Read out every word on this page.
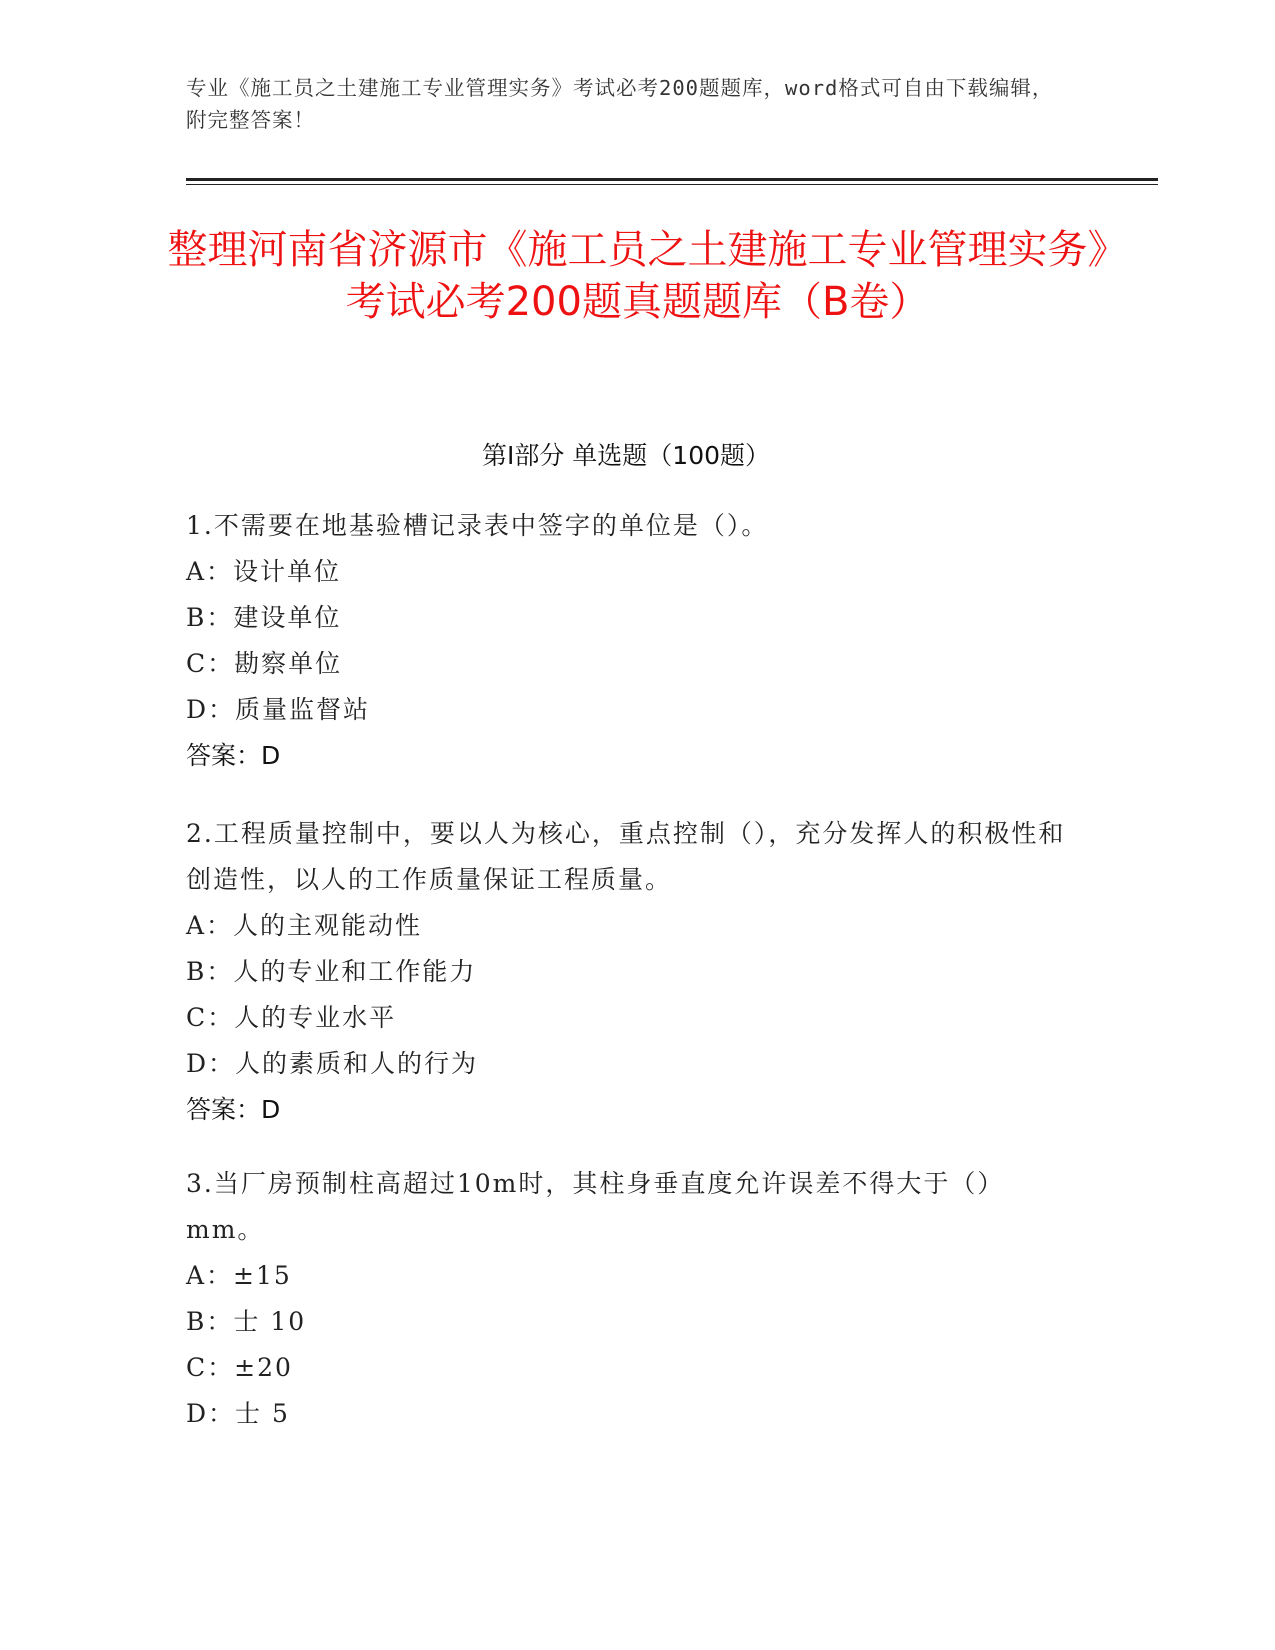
专业《施工员之土建施工专业管理实务》考试必考200题题库，word格式可自由下载编辑，附完整答案！
整理河南省济源市《施工员之土建施工专业管理实务》考试必考200题真题题库（B卷）
第Ⅰ部分 单选题（100题）

1.不需要在地基验槽记录表中签字的单位是（）。

A：设计单位
B：建设单位
C：勘察单位
D：质量监督站
答案：D

2.工程质量控制中，要以人为核心，重点控制（），充分发挥人的积极性和创造性，以人的工作质量保证工程质量。

A：人的主观能动性
B：人的专业和工作能力
C：人的专业水平
D：人的素质和人的行为
答案：D

3.当厂房预制柱高超过10m时，其柱身垂直度允许误差不得大于（）mm。

A：±15
B：士 10
C：±20
D：士 5
